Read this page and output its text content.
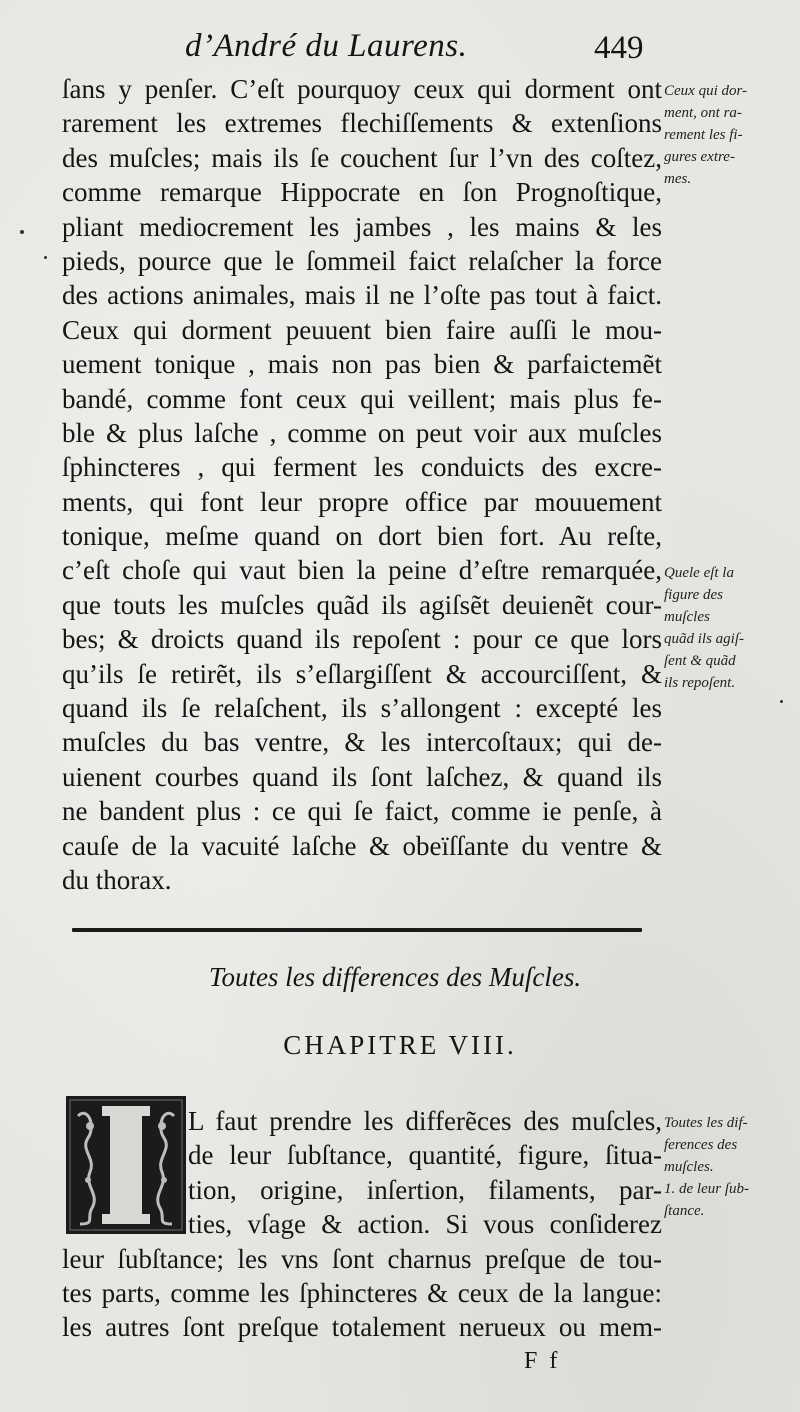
d’André du Laurens.	449
ſans y penſer. C’eſt pourquoy ceux qui dorment ont
rarement les extremes flechiſſements & extenſions
des muſcles; mais ils ſe couchent ſur l’vn des coſtez,
comme remarque Hippocrate en ſon Prognoſtique,
pliant mediocrement les jambes , les mains & les
pieds, pource que le ſommeil faict relaſcher la force
des actions animales, mais il ne l’oſte pas tout à faict.
Ceux qui dorment peuuent bien faire auſſi le mou-
uement tonique , mais non pas bien & parfaictemẽt
bandé, comme font ceux qui veillent; mais plus fe-
ble & plus laſche , comme on peut voir aux muſcles
ſphincteres , qui ferment les conduicts des excre-
ments, qui font leur propre office par mouuement
tonique, meſme quand on dort bien fort. Au reſte,
c’eſt choſe qui vaut bien la peine d’eſtre remarquée,
que touts les muſcles quãd ils agiſsẽt deuienẽt cour-
bes; & droicts quand ils repoſent : pour ce que lors
qu’ils ſe retirẽt, ils s’eſlargiſſent & accourciſſent, &
quand ils ſe relaſchent, ils s’allongent : excepté les
muſcles du bas ventre, & les intercoſtaux; qui de-
uienent courbes quand ils ſont laſchez, & quand ils
ne bandent plus : ce qui ſe faict, comme ie penſe, à
cauſe de la vacuité laſche & obeïſſante du ventre &
du thorax.
Ceux qui dor-
ment, ont ra-
rement les fi-
gures extre-
mes.
Quele eſt la
figure des
muſcles
quãd ils agiſ-
ſent & quãd
ils repoſent.
Toutes les differences des Muſcles.
CHAPITRE VIII.
L faut prendre les differẽces des muſcles,
de leur ſubſtance, quantité, figure, ſitua-
tion, origine, inſertion, filaments, par-
ties, vſage & action. Si vous conſiderez
leur ſubſtance; les vns ſont charnus preſque de tou-
tes parts, comme les ſphincteres & ceux de la langue:
les autres ſont preſque totalement nerueux ou mem-
Toutes les dif-
ferences des
muſcles.
1. de leur ſub-
ſtance.
F f
